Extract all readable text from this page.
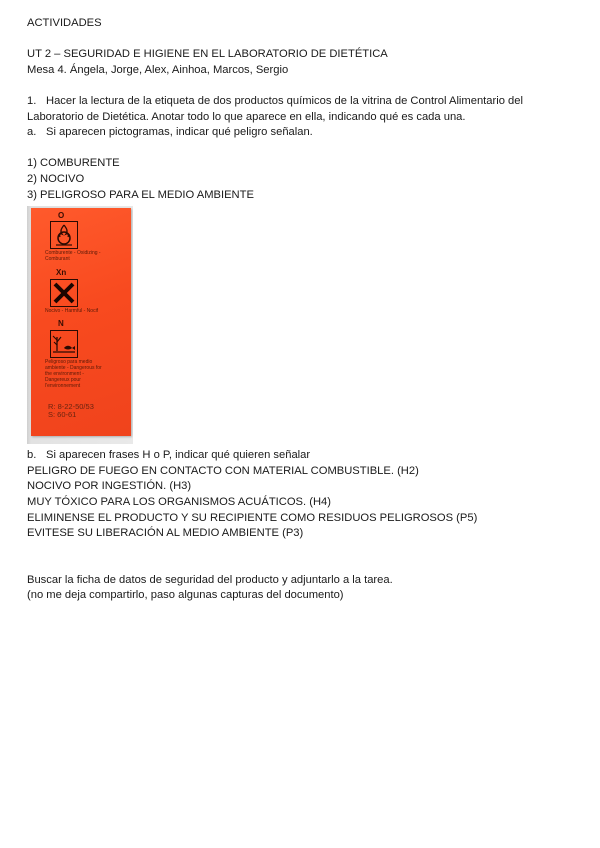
ACTIVIDADES
UT 2 – SEGURIDAD E HIGIENE EN EL LABORATORIO DE DIETÉTICA
Mesa 4. Ángela, Jorge, Alex, Ainhoa, Marcos, Sergio
1. Hacer la lectura de la etiqueta de dos productos químicos de la vitrina de Control Alimentario del
Laboratorio de Dietética. Anotar todo lo que aparece en ella, indicando qué es cada una.
a. Si aparecen pictogramas, indicar qué peligro señalan.
1) COMBURENTE
2) NOCIVO
3) PELIGROSO PARA EL MEDIO AMBIENTE
O
Comburente - Oxidizing -
Comburant
Xn
Nocivo - Harmful - Nocif
N
Peligroso para medio
ambiente - Dangerous for
the environment -
Dangereux pour
l'environnement
R: 8-22-50/53
S: 60-61
b. Si aparecen frases H o P, indicar qué quieren señalar
PELIGRO DE FUEGO EN CONTACTO CON MATERIAL COMBUSTIBLE. (H2)
NOCIVO POR INGESTIÓN. (H3)
MUY TÓXICO PARA LOS ORGANISMOS ACUÁTICOS. (H4)
ELIMINENSE EL PRODUCTO Y SU RECIPIENTE COMO RESIDUOS PELIGROSOS (P5)
EVITESE SU LIBERACIÓN AL MEDIO AMBIENTE (P3)
Buscar la ficha de datos de seguridad del producto y adjuntarlo a la tarea.
(no me deja compartirlo, paso algunas capturas del documento)
